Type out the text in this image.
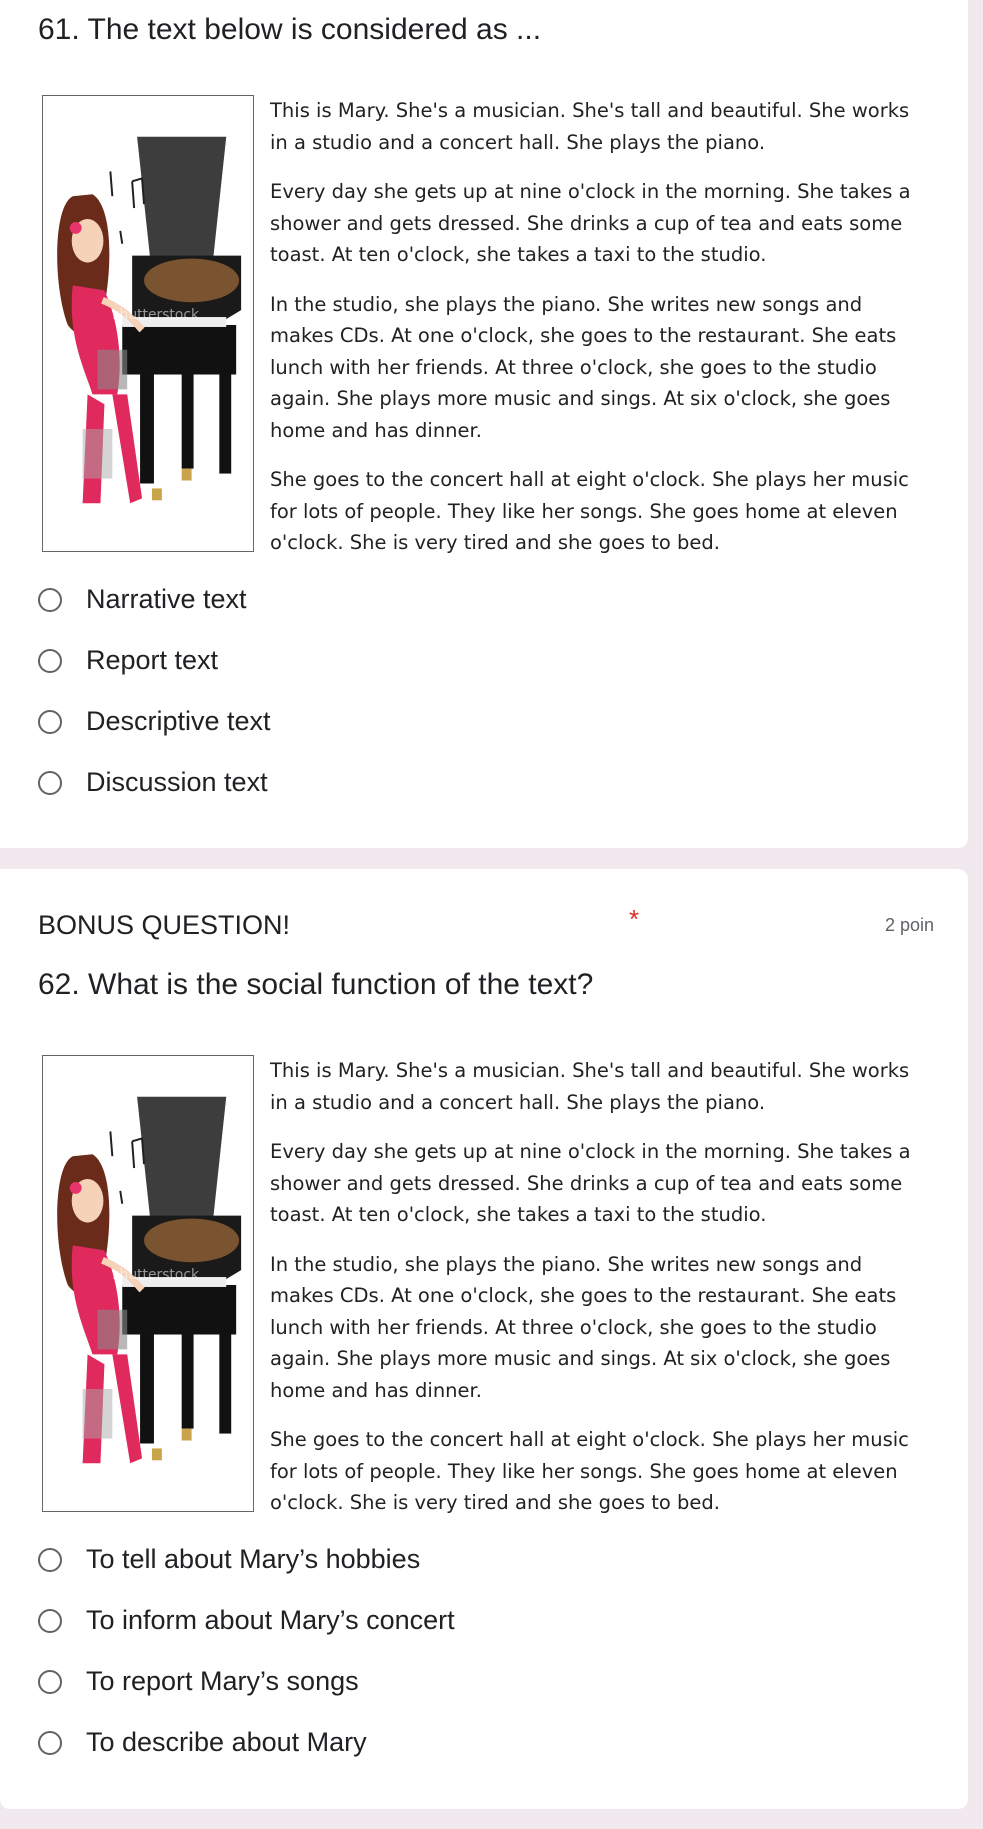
61. The text below is considered as ...
shutterstock

This is Mary. She's a musician. She's tall and beautiful. She works in a studio and a concert hall. She plays the piano.

Every day she gets up at nine o'clock in the morning. She takes a shower and gets dressed. She drinks a cup of tea and eats some toast. At ten o'clock, she takes a taxi to the studio.

In the studio, she plays the piano. She writes new songs and makes CDs. At one o'clock, she goes to the restaurant. She eats lunch with her friends. At three o'clock, she goes to the studio again. She plays more music and sings. At six o'clock, she goes home and has dinner.

She goes to the concert hall at eight o'clock. She plays her music for lots of people. They like her songs. She goes home at eleven o'clock. She is very tired and she goes to bed.

Narrative text
Report text
Descriptive text
Discussion text
BONUS QUESTION!	*	2 poin
62. What is the social function of the text?
shutterstock

This is Mary. She's a musician. She's tall and beautiful. She works in a studio and a concert hall. She plays the piano.

Every day she gets up at nine o'clock in the morning. She takes a shower and gets dressed. She drinks a cup of tea and eats some toast. At ten o'clock, she takes a taxi to the studio.

In the studio, she plays the piano. She writes new songs and makes CDs. At one o'clock, she goes to the restaurant. She eats lunch with her friends. At three o'clock, she goes to the studio again. She plays more music and sings. At six o'clock, she goes home and has dinner.

She goes to the concert hall at eight o'clock. She plays her music for lots of people. They like her songs. She goes home at eleven o'clock. She is very tired and she goes to bed.

To tell about Mary’s hobbies
To inform about Mary’s concert
To report Mary’s songs
To describe about Mary
